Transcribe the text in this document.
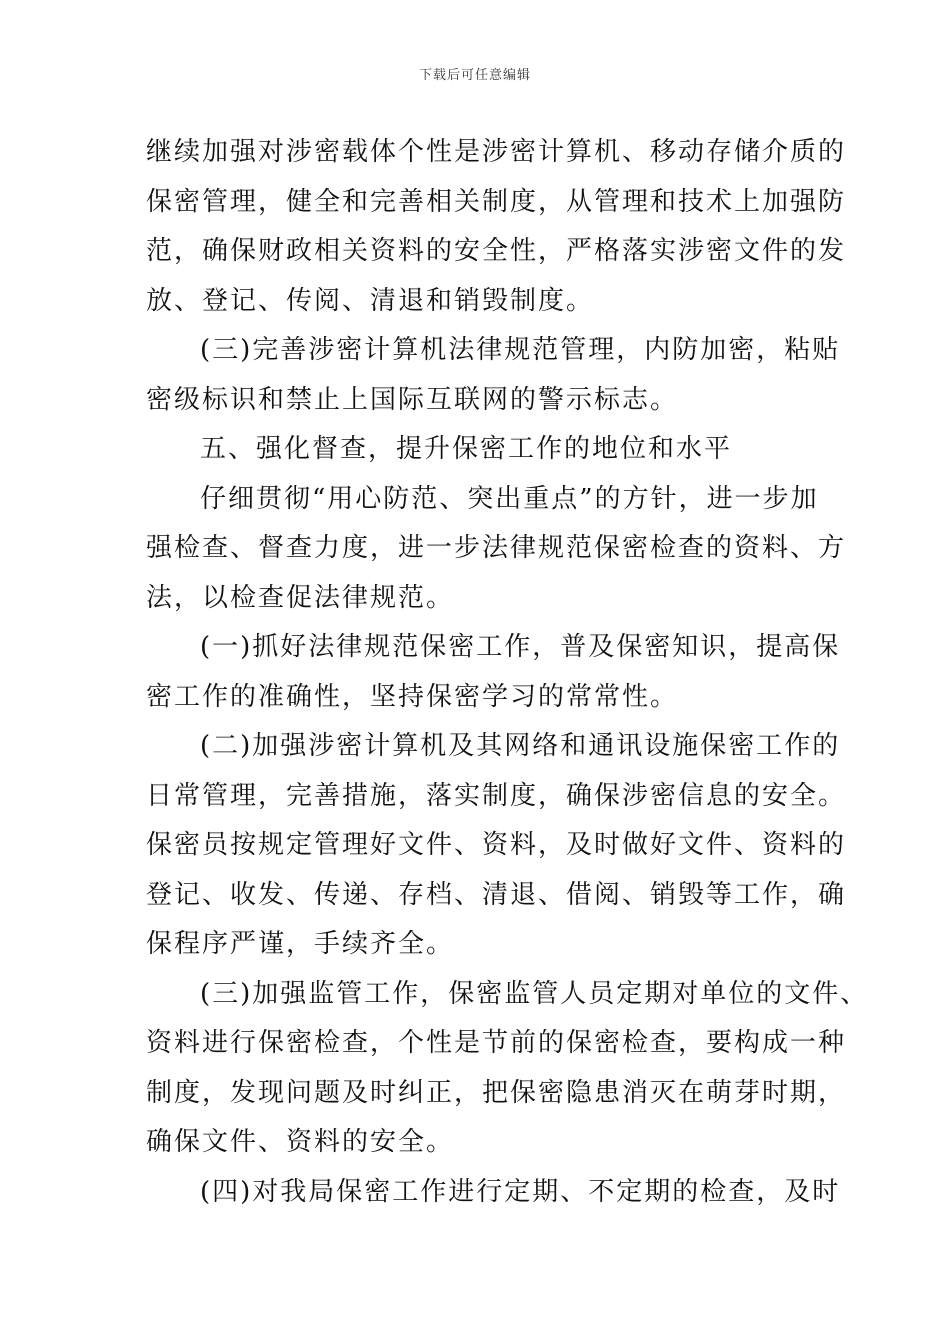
下载后可任意编辑
继续加强对涉密载体个性是涉密计算机、移动存储介质的
保密管理，健全和完善相关制度，从管理和技术上加强防
范，确保财政相关资料的安全性，严格落实涉密文件的发
放、登记、传阅、清退和销毁制度。
(三)完善涉密计算机法律规范管理，内防加密，粘贴
密级标识和禁止上国际互联网的警示标志。
五、强化督查，提升保密工作的地位和水平
仔细贯彻“用心防范、突出重点”的方针，进一步加
强检查、督查力度，进一步法律规范保密检查的资料、方
法，以检查促法律规范。
(一)抓好法律规范保密工作，普及保密知识，提高保
密工作的准确性，坚持保密学习的常常性。
(二)加强涉密计算机及其网络和通讯设施保密工作的
日常管理，完善措施，落实制度，确保涉密信息的安全。
保密员按规定管理好文件、资料，及时做好文件、资料的
登记、收发、传递、存档、清退、借阅、销毁等工作，确
保程序严谨，手续齐全。
(三)加强监管工作，保密监管人员定期对单位的文件、
资料进行保密检查，个性是节前的保密检查，要构成一种
制度，发现问题及时纠正，把保密隐患消灭在萌芽时期，
确保文件、资料的安全。
(四)对我局保密工作进行定期、不定期的检查，及时
